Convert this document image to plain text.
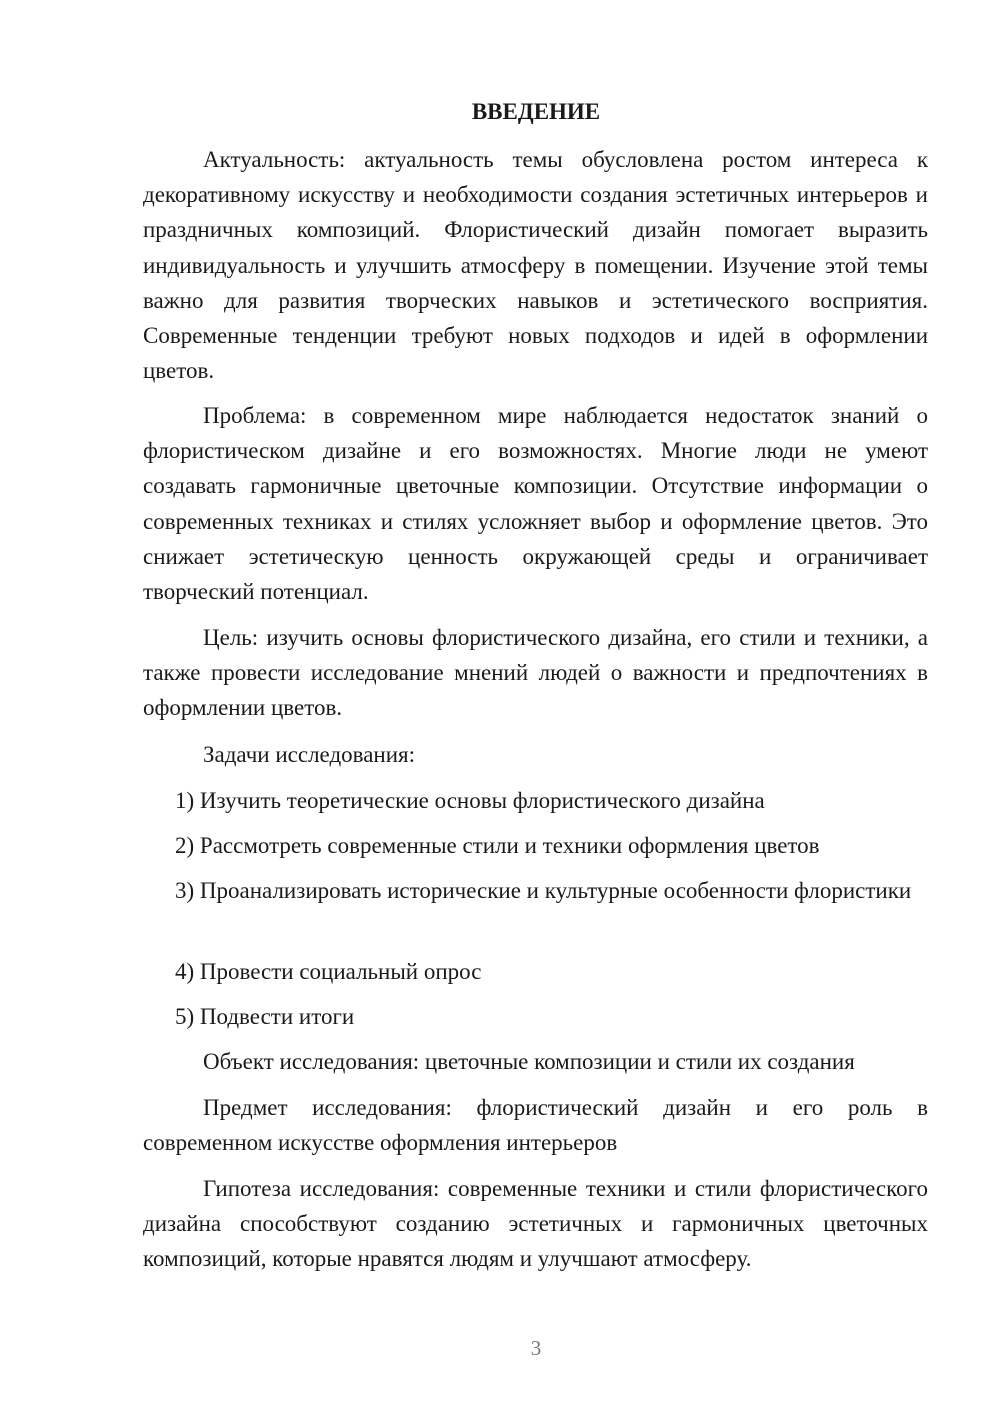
ВВЕДЕНИЕ

Актуальность: актуальность темы обусловлена ростом интереса к декоративному искусству и необходимости создания эстетичных интерьеров и праздничных композиций. Флористический дизайн помогает выразить индивидуальность и улучшить атмосферу в помещении. Изучение этой темы важно для развития творческих навыков и эстетического восприятия. Современные тенденции требуют новых подходов и идей в оформлении цветов.

Проблема: в современном мире наблюдается недостаток знаний о флористическом дизайне и его возможностях. Многие люди не умеют создавать гармоничные цветочные композиции. Отсутствие информации о современных техниках и стилях усложняет выбор и оформление цветов. Это снижает эстетическую ценность окружающей среды и ограничивает творческий потенциал.

Цель: изучить основы флористического дизайна, его стили и техники, а также провести исследование мнений людей о важности и предпочтениях в оформлении цветов.

Задачи исследования:

1) Изучить теоретические основы флористического дизайна

2) Рассмотреть современные стили и техники оформления цветов

3) Проанализировать исторические и культурные особенности флористики

4) Провести социальный опрос

5) Подвести итоги

Объект исследования: цветочные композиции и стили их создания

Предмет исследования: флористический дизайн и его роль в современном искусстве оформления интерьеров

Гипотеза исследования: современные техники и стили флористического дизайна способствуют созданию эстетичных и гармоничных цветочных композиций, которые нравятся людям и улучшают атмосферу.

3
